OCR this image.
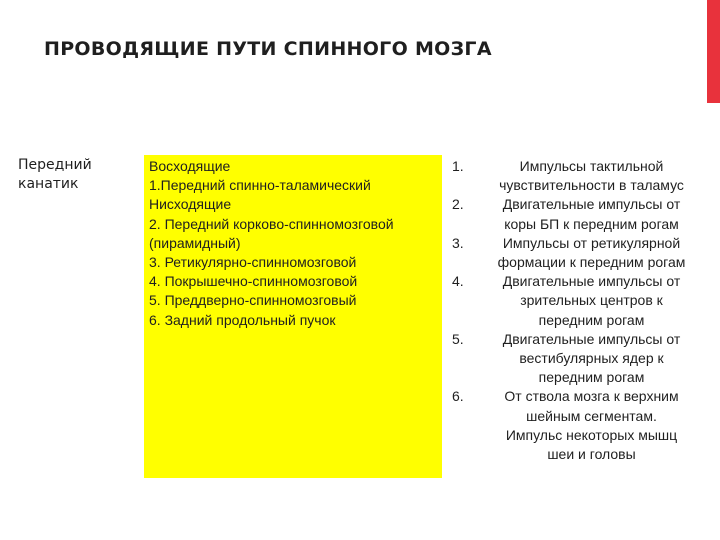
ПРОВОДЯЩИЕ ПУТИ СПИННОГО МОЗГА
Передний
канатик
Восходящие
1.Передний спинно-таламический
Нисходящие
2. Передний корково-спинномозговой
(пирамидный)
3. Ретикулярно-спинномозговой
4. Покрышечно-спинномозговой
5. Преддверно-спинномозговый
6. Задний продольный пучок
1.	Импульсы тактильной
чувствительности в таламус
2.	Двигательные импульсы от
коры БП к передним рогам
3.	Импульсы от ретикулярной
формации к передним рогам
4.	Двигательные импульсы от
зрительных центров к
передним рогам
5.	Двигательные импульсы от
вестибулярных ядер к
передним рогам
6.	От ствола мозга к верхним
шейным сегментам.
Импульс некоторых мышц
шеи и головы
